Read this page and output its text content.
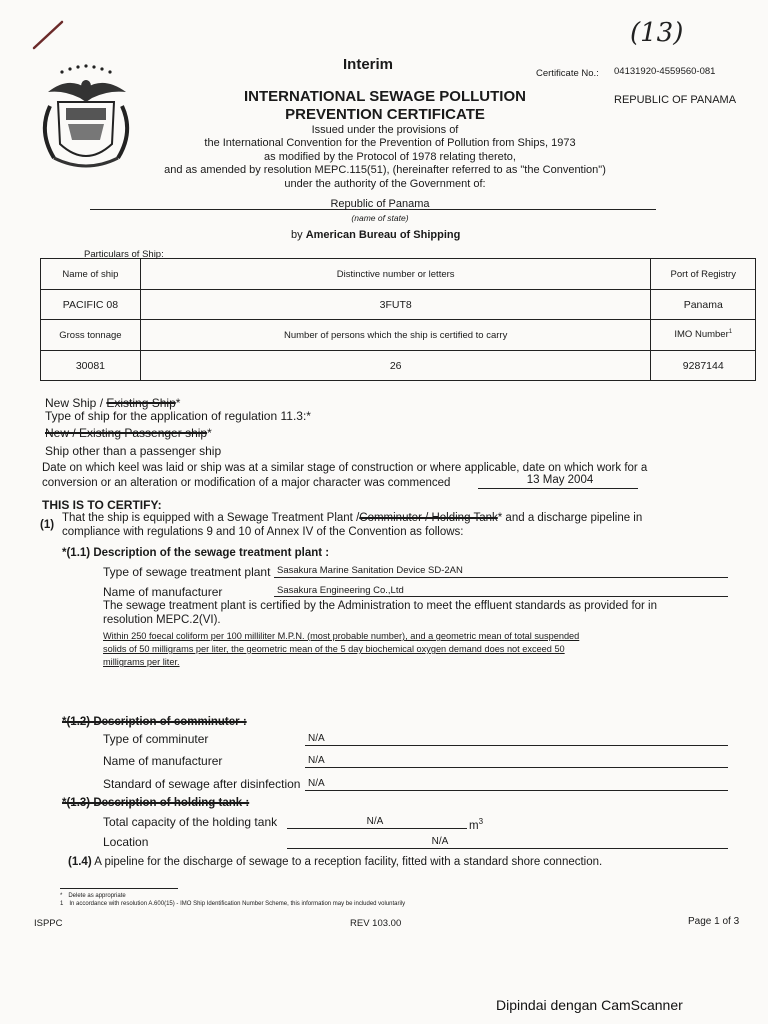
(13)
Interim
Certificate No.: 04131920-4559560-081
INTERNATIONAL SEWAGE POLLUTION
PREVENTION CERTIFICATE
REPUBLIC OF PANAMA
Issued under the provisions of
the International Convention for the Prevention of Pollution from Ships, 1973
as modified by the Protocol of 1978 relating thereto,
and as amended by resolution MEPC.115(51), (hereinafter referred to as "the Convention")
under the authority of the Government of:
Republic of Panama
(name of state)
by American Bureau of Shipping
Particulars of Ship:
Name of ship	Distinctive number or letters	Port of Registry
PACIFIC 08	3FUT8	Panama
Gross tonnage	Number of persons which the ship is certified to carry	IMO Number$^1$
30081	26	9287144
New Ship / Existing Ship*
Type of ship for the application of regulation 11.3:*
New / Existing Passenger ship*
Ship other than a passenger ship
Date on which keel was laid or ship was at a similar stage of construction or where applicable, date on which work for a
conversion or an alteration or modification of a major character was commenced	13 May 2004
THIS IS TO CERTIFY:
(1)
That the ship is equipped with a Sewage Treatment Plant /Comminuter / Holding Tank* and a discharge pipeline in
compliance with regulations 9 and 10 of Annex IV of the Convention as follows:
*(1.1) Description of the sewage treatment plant :
Type of sewage treatment plant Sasakura Marine Sanitation Device SD-2AN
Name of manufacturer	Sasakura Engineering Co.,Ltd
The sewage treatment plant is certified by the Administration to meet the effluent standards as provided for in
resolution MEPC.2(VI).
Within 250 foecal coliform per 100 milliliter M.P.N. (most probable number), and a geometric mean of total suspended
solids of 50 milligrams per liter, the geometric mean of the 5 day biochemical oxygen demand does not exceed 50
milligrams per liter.
*(1.2) Description of comminuter :
Type of comminuter	N/A
Name of manufacturer	N/A
Standard of sewage after disinfection N/A
*(1.3) Description of holding tank :
Total capacity of the holding tank	N/A	$m^3$
Location	N/A
(1.4) A pipeline for the discharge of sewage to a reception facility, fitted with a standard shore connection.
* Delete as appropriate
1 In accordance with resolution A.600(15) - IMO Ship Identification Number Scheme, this information may be included voluntarily
ISPPC	REV 103.00	Page 1 of 3
Dipindai dengan CamScanner
